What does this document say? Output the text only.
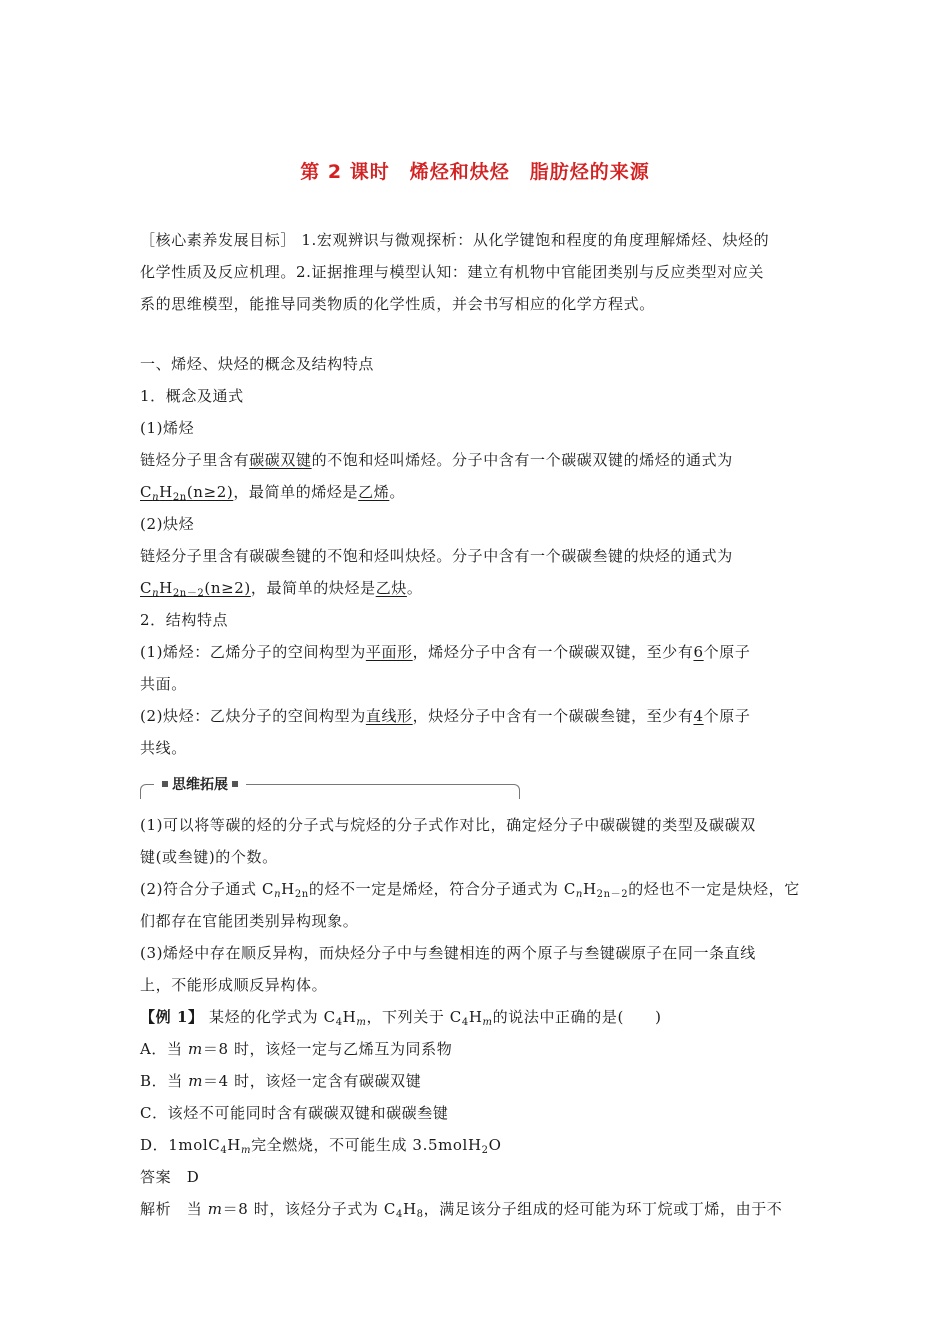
第 2 课时　烯烃和炔烃　脂肪烃的来源
［核心素养发展目标］ 1.宏观辨识与微观探析：从化学键饱和程度的角度理解烯烃、炔烃的
化学性质及反应机理。2.证据推理与模型认知：建立有机物中官能团类别与反应类型对应关
系的思维模型，能推导同类物质的化学性质，并会书写相应的化学方程式。
一、烯烃、炔烃的概念及结构特点
1．概念及通式
(1)烯烃
链烃分子里含有碳碳双键的不饱和烃叫烯烃。分子中含有一个碳碳双键的烯烃的通式为
$C_nH_{2n}(n\ge 2)$，最简单的烯烃是乙烯。
(2)炔烃
链烃分子里含有碳碳叁键的不饱和烃叫炔烃。分子中含有一个碳碳叁键的炔烃的通式为
$C_nH_{2n-2}(n\ge 2)$，最简单的炔烃是乙炔。
2．结构特点
(1)烯烃：乙烯分子的空间构型为平面形，烯烃分子中含有一个碳碳双键，至少有6个原子
共面。
(2)炔烃：乙炔分子的空间构型为直线形，炔烃分子中含有一个碳碳叁键，至少有4个原子
共线。
思维拓展
(1)可以将等碳的烃的分子式与烷烃的分子式作对比，确定烃分子中碳碳键的类型及碳碳双
键(或叁键)的个数。
(2)符合分子通式 $C_nH_{2n}$的烃不一定是烯烃，符合分子通式为 $C_nH_{2n-2}$的烃也不一定是炔烃，它
们都存在官能团类别异构现象。
(3)烯烃中存在顺反异构，而炔烃分子中与叁键相连的两个原子与叁键碳原子在同一条直线
上，不能形成顺反异构体。
【例 1】 某烃的化学式为 $C_4H_m$，下列关于 $C_4H_m$的说法中正确的是(　　)
A．当 m＝8 时，该烃一定与乙烯互为同系物
B．当 m＝4 时，该烃一定含有碳碳双键
C．该烃不可能同时含有碳碳双键和碳碳叁键
D．$1molC_4H_m$完全燃烧，不可能生成 3.5molH$_2$O
答案　D
解析　当 m＝8 时，该烃分子式为 $C_4H_8$，满足该分子组成的烃可能为环丁烷或丁烯，由于不
